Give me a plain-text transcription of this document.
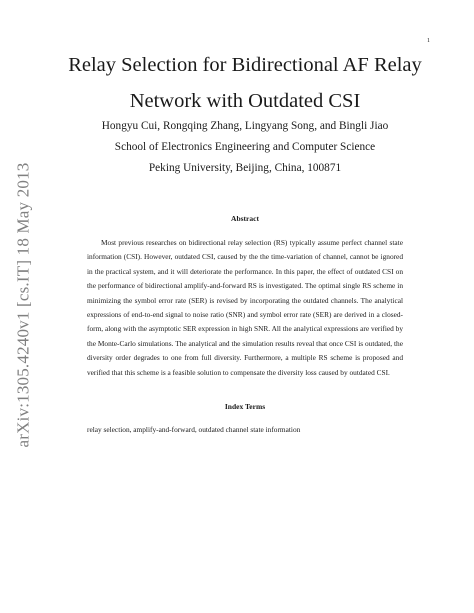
1
arXiv:1305.4240v1 [cs.IT] 18 May 2013
Relay Selection for Bidirectional AF Relay
Network with Outdated CSI

Hongyu Cui, Rongqing Zhang, Lingyang Song, and Bingli Jiao

School of Electronics Engineering and Computer Science

Peking University, Beijing, China, 100871

Abstract

Most previous researches on bidirectional relay selection (RS) typically assume perfect channel state information (CSI). However, outdated CSI, caused by the the time-variation of channel, cannot be ignored in the practical system, and it will deteriorate the performance. In this paper, the effect of outdated CSI on the performance of bidirectional amplify-and-forward RS is investigated. The optimal single RS scheme in minimizing the symbol error rate (SER) is revised by incorporating the outdated channels. The analytical expressions of end-to-end signal to noise ratio (SNR) and symbol error rate (SER) are derived in a closed-form, along with the asymptotic SER expression in high SNR. All the analytical expressions are verified by the Monte-Carlo simulations. The analytical and the simulation results reveal that once CSI is outdated, the diversity order degrades to one from full diversity. Furthermore, a multiple RS scheme is proposed and verified that this scheme is a feasible solution to compensate the diversity loss caused by outdated CSI.

Index Terms

relay selection, amplify-and-forward, outdated channel state information
